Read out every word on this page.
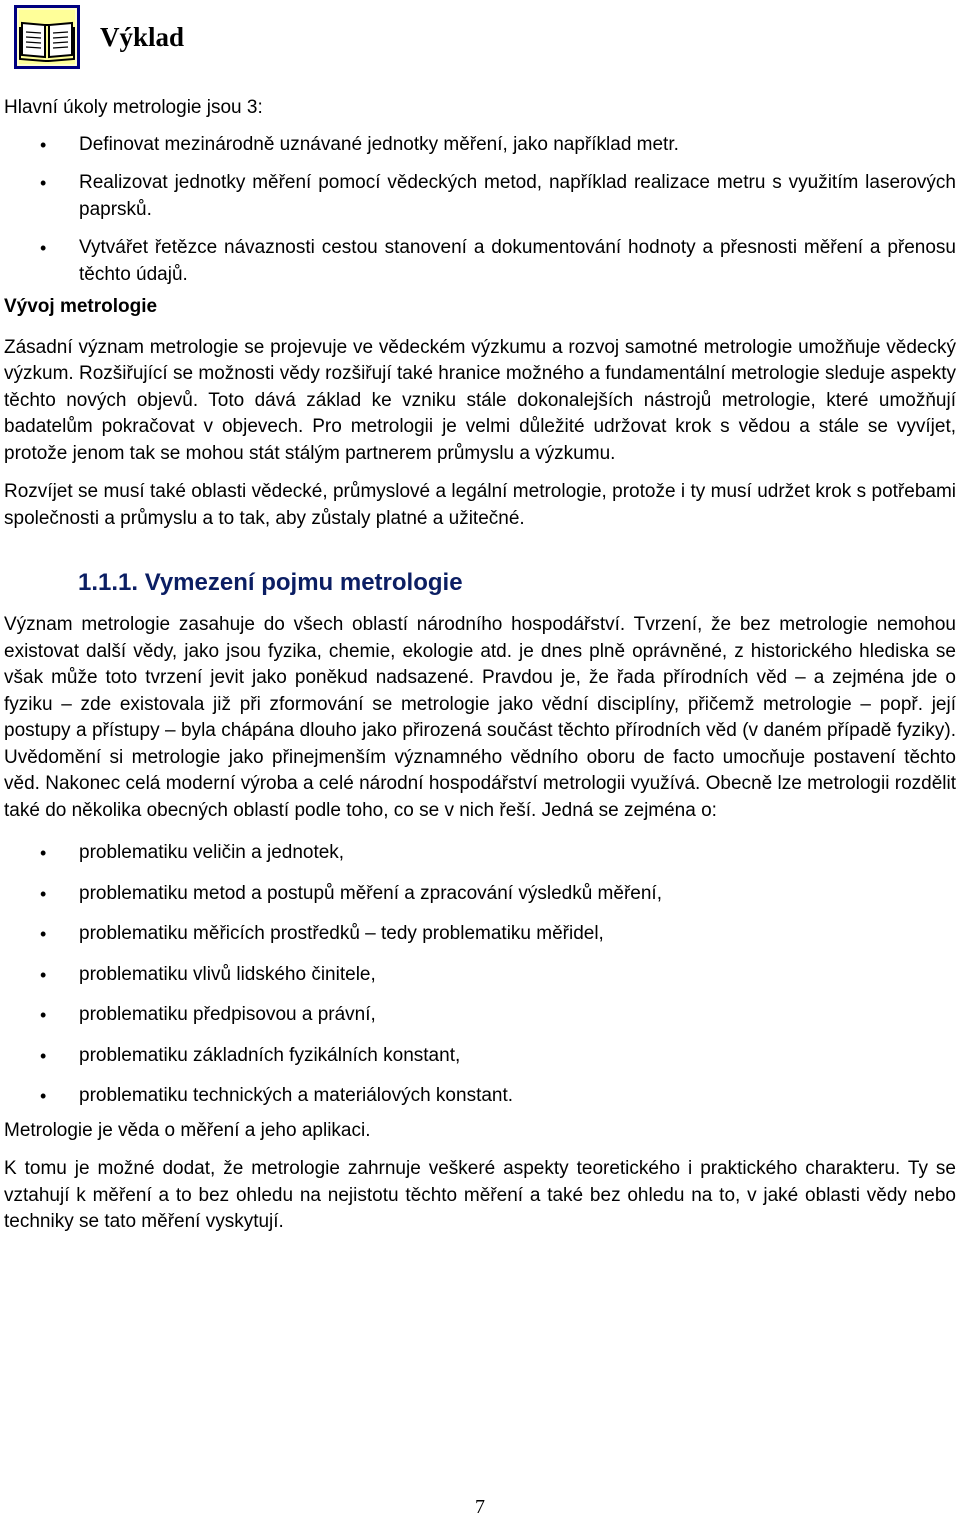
Výklad

Hlavní úkoly metrologie jsou 3:

• Definovat mezinárodně uznávané jednotky měření, jako například metr.
• Realizovat jednotky měření pomocí vědeckých metod, například realizace metru s využitím laserových paprsků.
• Vytvářet řetězce návaznosti cestou stanovení a dokumentování hodnoty a přesnosti měření a přenosu těchto údajů.

Vývoj metrologie

Zásadní význam metrologie se projevuje ve vědeckém výzkumu a rozvoj samotné metrologie umožňuje vědecký výzkum. Rozšiřující se možnosti vědy rozšiřují také hranice možného a fundamentální metrologie sleduje aspekty těchto nových objevů. Toto dává základ ke vzniku stále dokonalejších nástrojů metrologie, které umožňují badatelům pokračovat v objevech. Pro metrologii je velmi důležité udržovat krok s vědou a stále se vyvíjet, protože jenom tak se mohou stát stálým partnerem průmyslu a výzkumu.

Rozvíjet se musí také oblasti vědecké, průmyslové a legální metrologie, protože i ty musí udržet krok s potřebami společnosti a průmyslu a to tak, aby zůstaly platné a užitečné.

1.1.1. Vymezení pojmu metrologie

Význam metrologie zasahuje do všech oblastí národního hospodářství. Tvrzení, že bez metrologie nemohou existovat další vědy, jako jsou fyzika, chemie, ekologie atd. je dnes plně oprávněné, z historického hlediska se však může toto tvrzení jevit jako poněkud nadsazené. Pravdou je, že řada přírodních věd – a zejména jde o fyziku – zde existovala již při zformování se metrologie jako vědní disciplíny, přičemž metrologie – popř. její postupy a přístupy – byla chápána dlouho jako přirozená součást těchto přírodních věd (v daném případě fyziky). Uvědomění si metrologie jako přinejmenším významného vědního oboru de facto umocňuje postavení těchto věd. Nakonec celá moderní výroba a celé národní hospodářství metrologii využívá. Obecně lze metrologii rozdělit také do několika obecných oblastí podle toho, co se v nich řeší. Jedná se zejména o:

• problematiku veličin a jednotek,
• problematiku metod a postupů měření a zpracování výsledků měření,
• problematiku měřicích prostředků – tedy problematiku měřidel,
• problematiku vlivů lidského činitele,
• problematiku předpisovou a právní,
• problematiku základních fyzikálních konstant,
• problematiku technických a materiálových konstant.

Metrologie je věda o měření a jeho aplikaci.

K tomu je možné dodat, že metrologie zahrnuje veškeré aspekty teoretického i praktického charakteru. Ty se vztahují k měření a to bez ohledu na nejistotu těchto měření a také bez ohledu na to, v jaké oblasti vědy nebo techniky se tato měření vyskytují.

7
